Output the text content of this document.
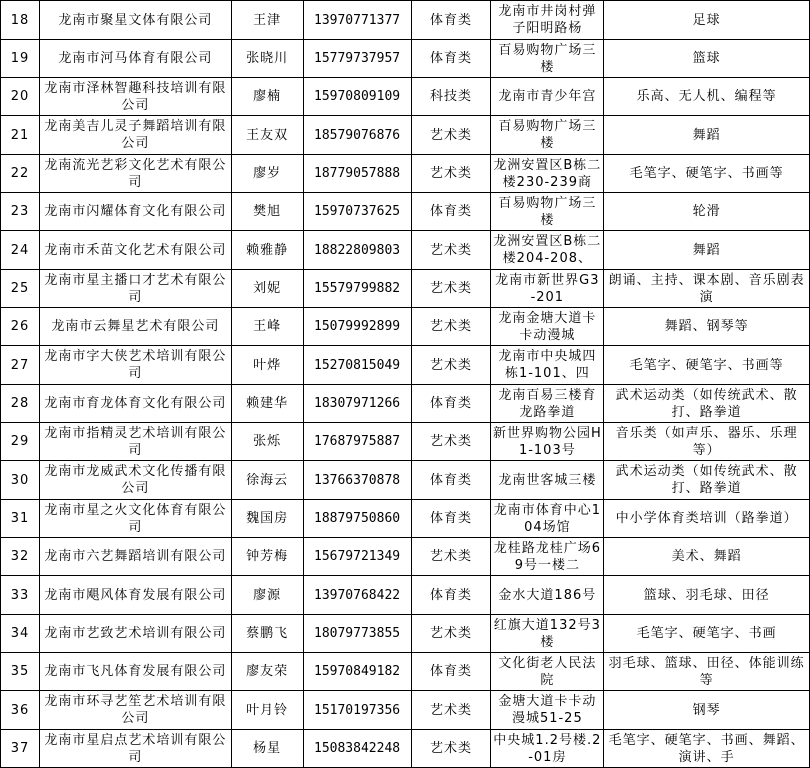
18	龙南市聚星文体有限公司	王津	13970771377	体育类	龙南市井岗村弹子阳明路杨	足球

19	龙南市河马体育有限公司	张晓川	15779737957	体育类	百易购物广场三楼	篮球

20	龙南市泽林智趣科技培训有限公司	廖楠	15970809109	科技类	龙南市青少年宫	乐高、无人机、编程等

21	龙南美吉儿灵子舞蹈培训有限公司	王友双	18579076876	艺术类	百易购物广场三楼	舞蹈

22	龙南流光艺彩文化艺术有限公司	廖岁	18779057888	艺术类	龙洲安置区B栋二楼230-239商	毛笔字、硬笔字、书画等

23	龙南市闪耀体育文化有限公司	樊旭	15970737625	体育类	百易购物广场三楼	轮滑

24	龙南市禾苗文化艺术有限公司	赖雅静	18822809803	艺术类	龙洲安置区B栋二楼204-208、	舞蹈

25	龙南市星主播口才艺术有限公司	刘妮	15579799882	艺术类	龙南市新世界G3-201	朗诵、主持、课本剧、音乐剧表演

26	龙南市云舞星艺术有限公司	王峰	15079992899	艺术类	龙南金塘大道卡卡动漫城	舞蹈、钢琴等

27	龙南市字大侠艺术培训有限公司	叶烨	15270815049	艺术类	龙南市中央城四栋1-101、四	毛笔字、硬笔字、书画等

28	龙南市育龙体育文化有限公司	赖建华	18307971266	体育类	龙南百易三楼育龙路拳道	武术运动类（如传统武术、散打、路拳道

29	龙南市指精灵艺术培训有限公司	张烁	17687975887	艺术类	新世界购物公园H1-103号	音乐类（如声乐、器乐、乐理等）

30	龙南市龙威武术文化传播有限公司	徐海云	13766370878	体育类	龙南世客城三楼	武术运动类（如传统武术、散打、路拳道

31	龙南市星之火文化体育有限公司	魏国房	18879750860	体育类	龙南市体育中心104场馆	中小学体育类培训（路拳道）

32	龙南市六艺舞蹈培训有限公司	钟芳梅	15679721349	艺术类	龙桂路龙桂广场69号一楼二	美术、舞蹈

33	龙南市飓风体育发展有限公司	廖源	13970768422	体育类	金水大道186号	篮球、羽毛球、田径

34	龙南市艺致艺术培训有限公司	蔡鹏飞	18079773855	艺术类	红旗大道132号3楼	毛笔字、硬笔字、书画

35	龙南市飞凡体育发展有限公司	廖友荣	15970849182	体育类	文化街老人民法院	羽毛球、篮球、田径、体能训练等

36	龙南市环寻艺笙艺术培训有限公司	叶月铃	15170197356	艺术类	金塘大道卡卡动漫城51-25	钢琴

37	龙南市星启点艺术培训有限公司	杨星	15083842248	艺术类	中央城1.2号楼.2-01房	毛笔字、硬笔字、书画、舞蹈、演讲、手
